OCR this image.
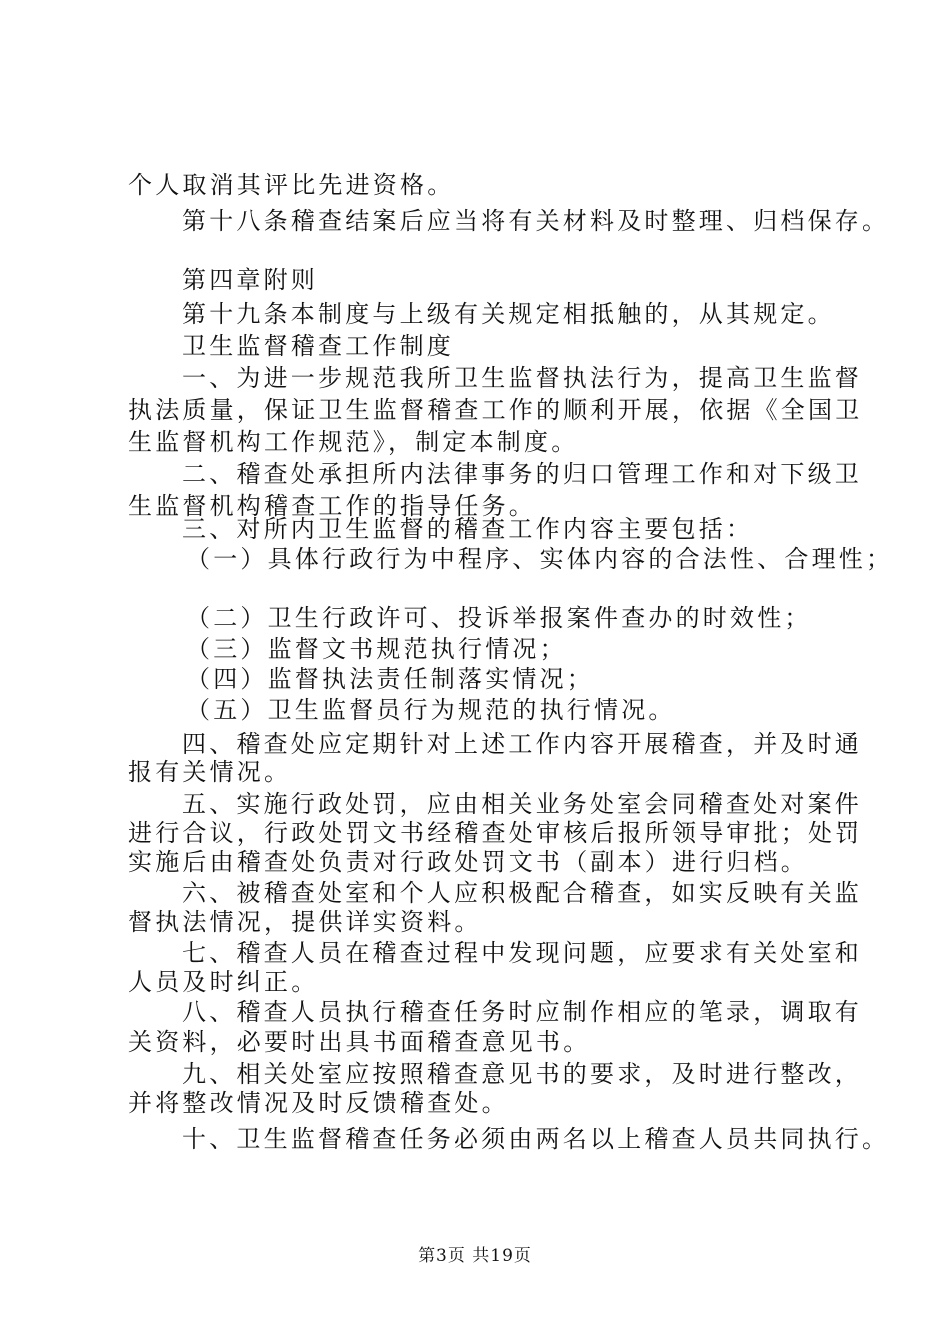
个人取消其评比先进资格。
第十八条稽查结案后应当将有关材料及时整理、归档保存。
第四章附则
第十九条本制度与上级有关规定相抵触的，从其规定。
卫生监督稽查工作制度
一、为进一步规范我所卫生监督执法行为，提高卫生监督
执法质量，保证卫生监督稽查工作的顺利开展，依据《全国卫
生监督机构工作规范》，制定本制度。
二、稽查处承担所内法律事务的归口管理工作和对下级卫
生监督机构稽查工作的指导任务。
三、对所内卫生监督的稽查工作内容主要包括：
（一）具体行政行为中程序、实体内容的合法性、合理性；
（二）卫生行政许可、投诉举报案件查办的时效性；
（三）监督文书规范执行情况；
（四）监督执法责任制落实情况；
（五）卫生监督员行为规范的执行情况。
四、稽查处应定期针对上述工作内容开展稽查，并及时通
报有关情况。
五、实施行政处罚，应由相关业务处室会同稽查处对案件
进行合议，行政处罚文书经稽查处审核后报所领导审批；处罚
实施后由稽查处负责对行政处罚文书（副本）进行归档。
六、被稽查处室和个人应积极配合稽查，如实反映有关监
督执法情况，提供详实资料。
七、稽查人员在稽查过程中发现问题，应要求有关处室和
人员及时纠正。
八、稽查人员执行稽查任务时应制作相应的笔录，调取有
关资料，必要时出具书面稽查意见书。
九、相关处室应按照稽查意见书的要求，及时进行整改，
并将整改情况及时反馈稽查处。
十、卫生监督稽查任务必须由两名以上稽查人员共同执行。
第3页 共19页
